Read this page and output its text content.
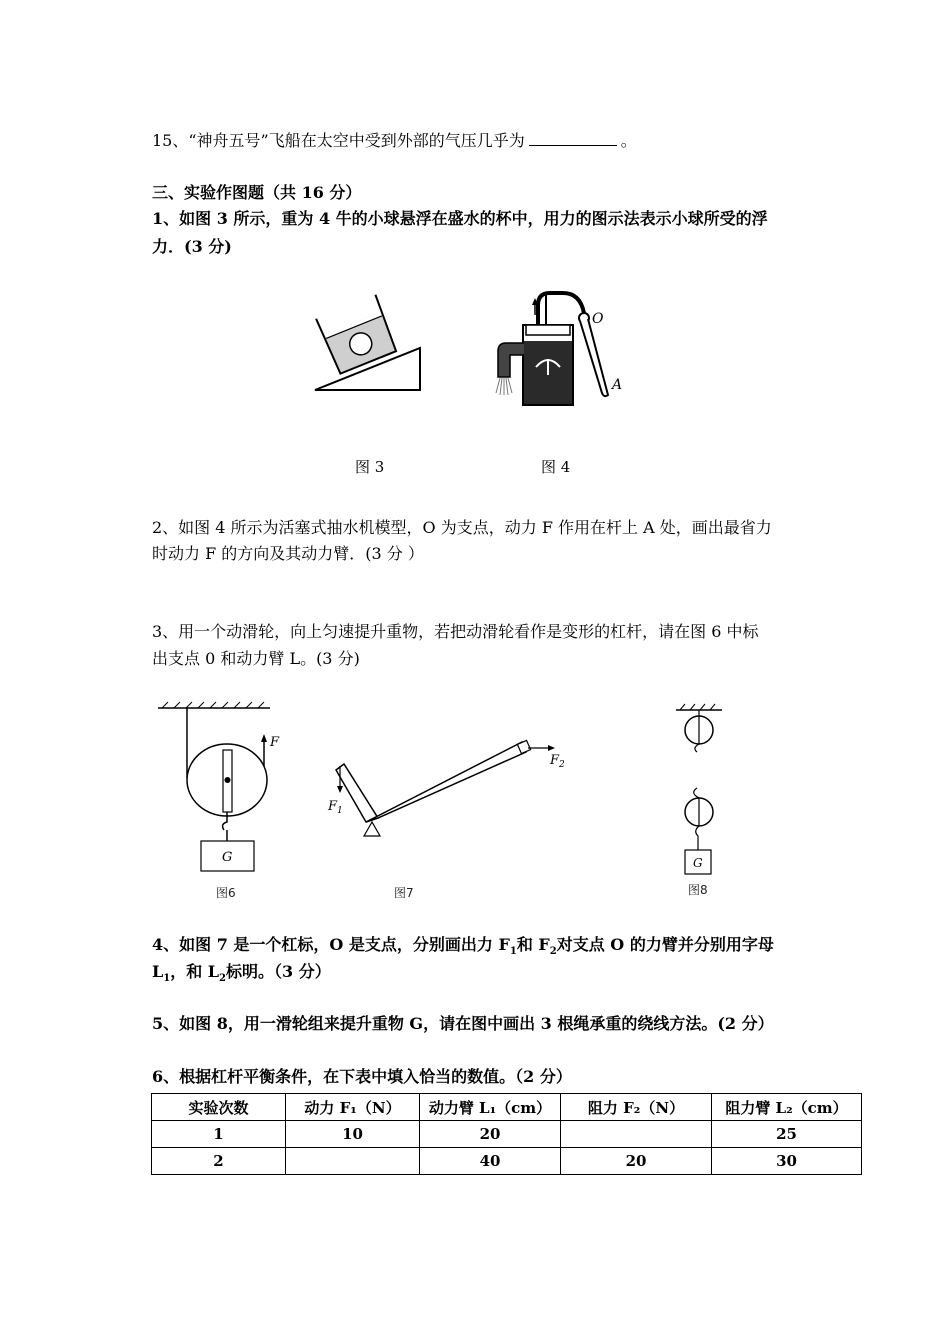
15、“神舟五号”飞船在太空中受到外部的气压几乎为	。
三、实验作图题（共 16 分）
1、如图 3 所示，重为 4 牛的小球悬浮在盛水的杯中，用力的图示法表示小球所受的浮
力．(3 分)
O
A
图 3	图 4
2、如图 4 所示为活塞式抽水机模型，O 为支点，动力 F 作用在杆上 A 处，画出最省力
时动力 F 的方向及其动力臂．(3 分 ）
3、用一个动滑轮，向上匀速提升重物，若把动滑轮看作是变形的杠杆，请在图 6 中标
出支点 0 和动力臂 L。(3 分)
F
G
图6
$F_2$
$F_1$
图7
G
图8
4、如图 7 是一个杠标，O 是支点，分别画出力 $F_1$和 $F_2$对支点 O 的力臂并分别用字母
$L_1$，和 $L_2$标明。（3 分）
5、如图 8，用一滑轮组来提升重物 G，请在图中画出 3 根绳承重的绕线方法。(2 分）
6、根据杠杆平衡条件，在下表中填入恰当的数值。（2 分）
实验次数	动力 F₁（N）	动力臂 L₁（cm）	阻力 F₂（N）	阻力臂 L₂（cm）
1	10	20		25
2		40	20	30
